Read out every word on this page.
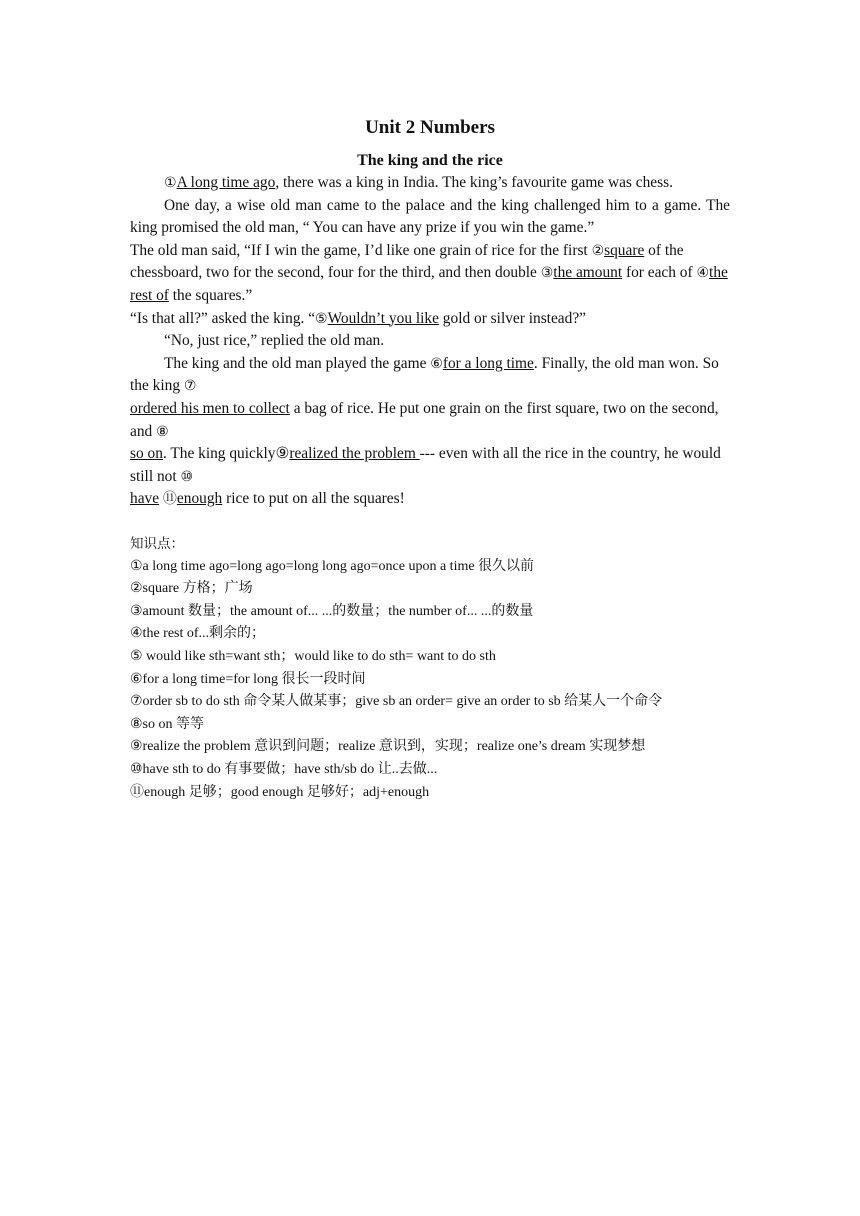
Unit 2 Numbers
The king and the rice

①A long time ago, there was a king in India. The king’s favourite game was chess.

One day, a wise old man came to the palace and the king challenged him to a game. The king promised the old man, “ You can have any prize if you win the game.”

The old man said, “If I win the game, I’d like one grain of rice for the first ②square of the chessboard, two for the second, four for the third, and then double ③the amount for each of ④the rest of the squares.”

“Is that all?” asked the king. “⑤Wouldn’t you like gold or silver instead?”

“No, just rice,” replied the old man.

The king and the old man played the game ⑥for a long time. Finally, the old man won. So the king ⑦

ordered his men to collect a bag of rice. He put one grain on the first square, two on the second, and ⑧

so on. The king quickly⑨realized the problem --- even with all the rice in the country, he would still not ⑩

have ⑪enough rice to put on all the squares!

知识点：

①a long time ago=long ago=long long ago=once upon a time 很久以前

②square 方格；广场

③amount 数量；the amount of... ...的数量；the number of... ...的数量

④the rest of...剩余的；

⑤ would like sth=want sth；would like to do sth= want to do sth

⑥for a long time=for long 很长一段时间

⑦order sb to do sth 命令某人做某事；give sb an order= give an order to sb 给某人一个命令

⑧so on 等等

⑨realize the problem 意识到问题；realize 意识到，实现；realize one’s dream 实现梦想

⑩have sth to do 有事要做；have sth/sb do 让..去做...

⑪enough 足够；good enough 足够好；adj+enough
